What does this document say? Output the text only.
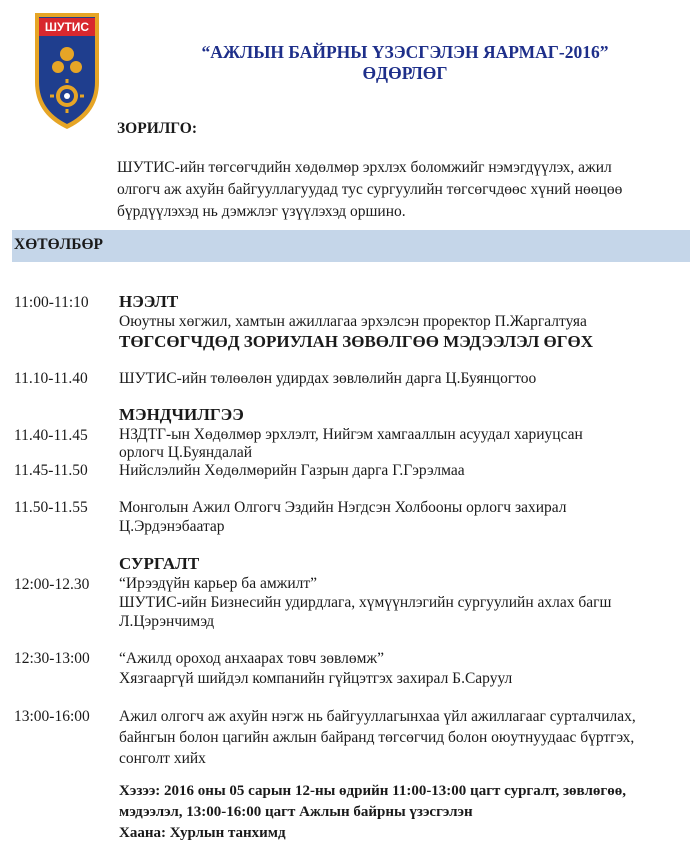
ШУТИС
“АЖЛЫН БАЙРНЫ ҮЗЭСГЭЛЭН ЯАРМАГ-2016”
ӨДӨРЛӨГ
ЗОРИЛГО:
ШУТИС-ийн төгсөгчдийн хөдөлмөр эрхлэх боломжийг нэмэгдүүлэх, ажил
олгогч аж ахуйн байгууллагуудад тус сургуулийн төгсөгчдөөс хүний нөөцөө
бүрдүүлэхэд нь дэмжлэг үзүүлэхэд оршино.
ХӨТӨЛБӨР
11:00-11:10 НЭЭЛТ
Оюутны хөгжил, хамтын ажиллагаа эрхэлсэн проректор П.Жаргалтуяа
ТӨГСӨГЧДӨД ЗОРИУЛАН ЗӨВӨЛГӨӨ МЭДЭЭЛЭЛ ӨГӨХ
11.10-11.40 ШУТИС-ийн төлөөлөн удирдах зөвлөлийн дарга Ц.Буянцогтоо
МЭНДЧИЛГЭЭ
11.40-11.45 НЗДТГ-ын Хөдөлмөр эрхлэлт, Нийгэм хамгааллын асуудал хариуцсан
орлогч Ц.Буяндалай
11.45-11.50 Нийслэлийн Хөдөлмөрийн Газрын дарга Г.Гэрэлмаа
11.50-11.55 Монголын Ажил Олгогч Эздийн Нэгдсэн Холбооны орлогч захирал
Ц.Эрдэнэбаатар
СУРГАЛТ
12:00-12.30 “Ирээдүйн карьер ба амжилт”
ШУТИС-ийн Бизнесийн удирдлага, хүмүүнлэгийн сургуулийн ахлах багш
Л.Цэрэнчимэд
12:30-13:00 “Ажилд ороход анхаарах товч зөвлөмж”
Хязгааргүй шийдэл компанийн гүйцэтгэх захирал Б.Саруул
13:00-16:00 Ажил олгогч аж ахуйн нэгж нь байгууллагынхаа үйл ажиллагааг сурталчилах,
байнгын болон цагийн ажлын байранд төгсөгчид болон оюутнуудаас бүртгэх,
сонголт хийх
Хэзээ: 2016 оны 05 сарын 12-ны өдрийн 11:00-13:00 цагт сургалт, зөвлөгөө,
мэдээлэл, 13:00-16:00 цагт Ажлын байрны үзэсгэлэн
Хаана: Хурлын танхимд
